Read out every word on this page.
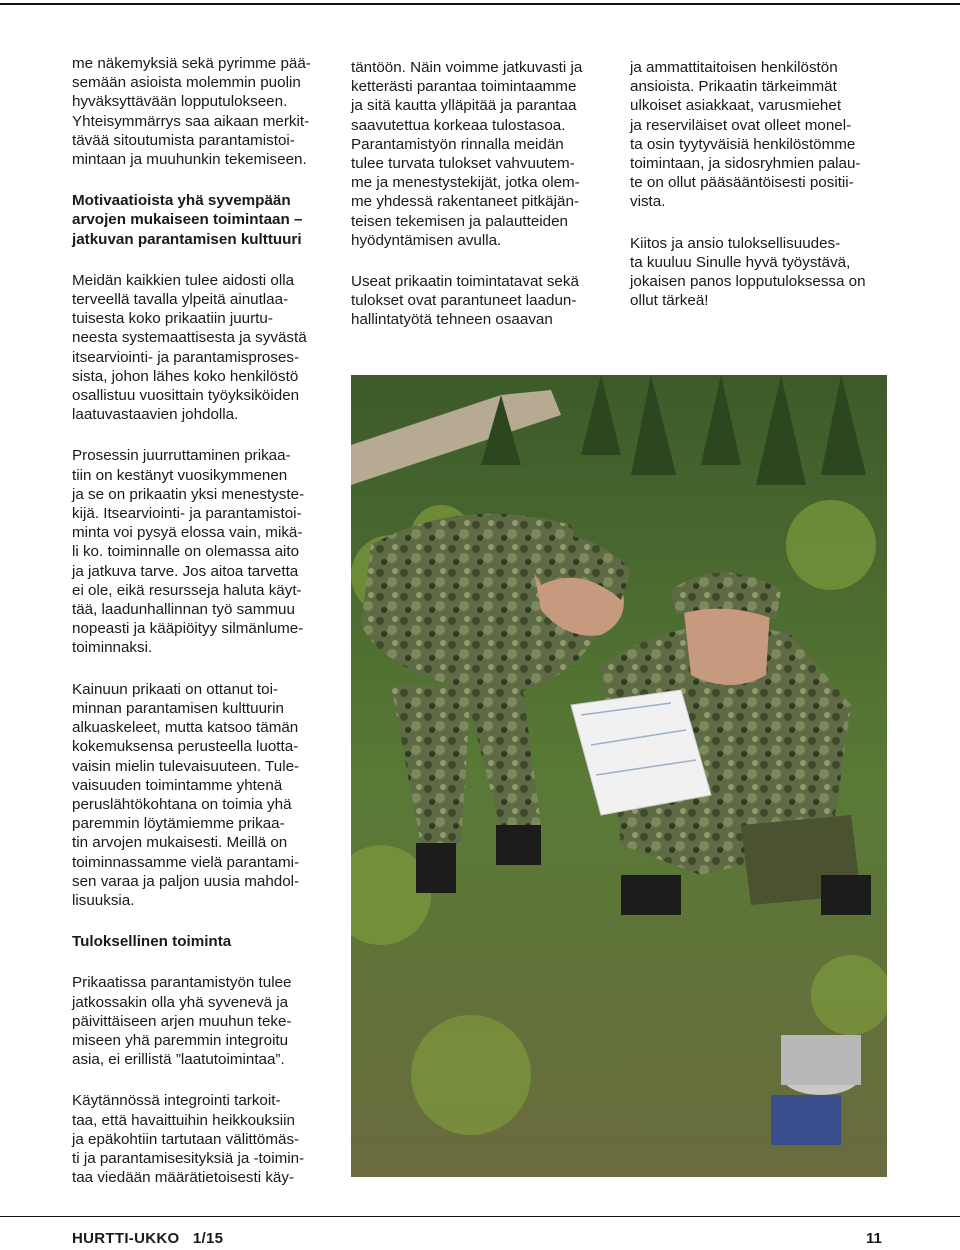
me näkemyksiä sekä pyrimme pää-
semään asioista molemmin puolin
hyväksyttävään lopputulokseen.
Yhteisymmärrys saa aikaan merkit-
tävää sitoutumista parantamistoi-
mintaan ja muuhunkin tekemiseen.
Motivaatioista yhä syvempään
arvojen mukaiseen toimintaan –
jatkuvan parantamisen kulttuuri
Meidän kaikkien tulee aidosti olla
terveellä tavalla ylpeitä ainutlaa-
tuisesta koko prikaatiin juurtu-
neesta systemaattisesta ja syvästä
itsearviointi- ja parantamisproses-
sista, johon lähes koko henkilöstö
osallistuu vuosittain työyksiköiden
laatuvastaavien johdolla.
Prosessin juurruttaminen prikaa-
tiin on kestänyt vuosikymmenen
ja se on prikaatin yksi menestyste-
kijä. Itsearviointi- ja parantamistoi-
minta voi pysyä elossa vain, mikä-
li ko. toiminnalle on olemassa aito
ja jatkuva tarve. Jos aitoa tarvetta
ei ole, eikä resursseja haluta käyt-
tää, laadunhallinnan työ sammuu
nopeasti ja kääpiöityy silmänlume-
toiminnaksi.
Kainuun prikaati on ottanut toi-
minnan parantamisen kulttuurin
alkuaskeleet, mutta katsoo tämän
kokemuksensa perusteella luotta-
vaisin mielin tulevaisuuteen. Tule-
vaisuuden toimintamme yhtenä
peruslähtökohtana on toimia yhä
paremmin löytämiemme prikaa-
tin arvojen mukaisesti. Meillä on
toiminnassamme vielä parantami-
sen varaa ja paljon uusia mahdol-
lisuuksia.
Tuloksellinen toiminta
Prikaatissa parantamistyön tulee
jatkossakin olla yhä syvenevä ja
päivittäiseen arjen muuhun teke-
miseen yhä paremmin integroitu
asia, ei erillistä ”laatutoimintaa”.
Käytännössä integrointi tarkoit-
taa, että havaittuihin heikkouksiin
ja epäkohtiin tartutaan välittömäs-
ti ja parantamisesityksiä ja -toimin-
taa viedään määrätietoisesti käy-
täntöön. Näin voimme jatkuvasti ja
ketterästi parantaa toimintaamme
ja sitä kautta ylläpitää ja parantaa
saavutettua korkeaa tulostasoa.
Parantamistyön rinnalla meidän
tulee turvata tulokset vahvuutem-
me ja menestystekijät, jotka olem-
me yhdessä rakentaneet pitkäjän-
teisen tekemisen ja palautteiden
hyödyntämisen avulla.
Useat prikaatin toimintatavat sekä
tulokset ovat parantuneet laadun-
hallintatyötä tehneen osaavan
ja ammattitaitoisen henkilöstön
ansioista. Prikaatin tärkeimmät
ulkoiset asiakkaat, varusmiehet
ja reserviläiset ovat olleet monel-
ta osin tyytyväisiä henkilöstömme
toimintaan, ja sidosryhmien palau-
te on ollut pääsääntöisesti positii-
vista.
Kiitos ja ansio tuloksellisuudes-
ta kuuluu Sinulle hyvä työystävä,
jokaisen panos lopputuloksessa on
ollut tärkeä!
HURTTI-UKKO 1/15	11
